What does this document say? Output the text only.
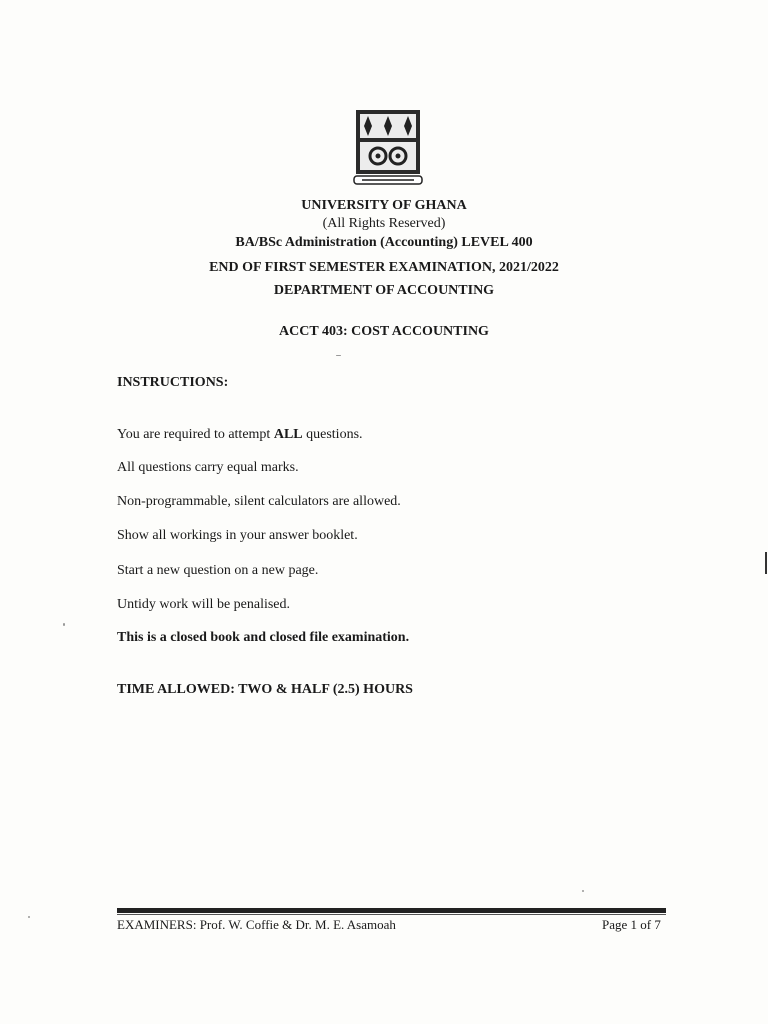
UNIVERSITY OF GHANA
(All Rights Reserved)
BA/BSc Administration (Accounting) LEVEL 400
END OF FIRST SEMESTER EXAMINATION, 2021/2022
DEPARTMENT OF ACCOUNTING
ACCT 403: COST ACCOUNTING
INSTRUCTIONS:
You are required to attempt ALL questions.
All questions carry equal marks.
Non-programmable, silent calculators are allowed.
Show all workings in your answer booklet.
Start a new question on a new page.
Untidy work will be penalised.
This is a closed book and closed file examination.
TIME ALLOWED: TWO & HALF (2.5) HOURS
EXAMINERS: Prof. W. Coffie & Dr. M. E. Asamoah	Page 1 of 7
